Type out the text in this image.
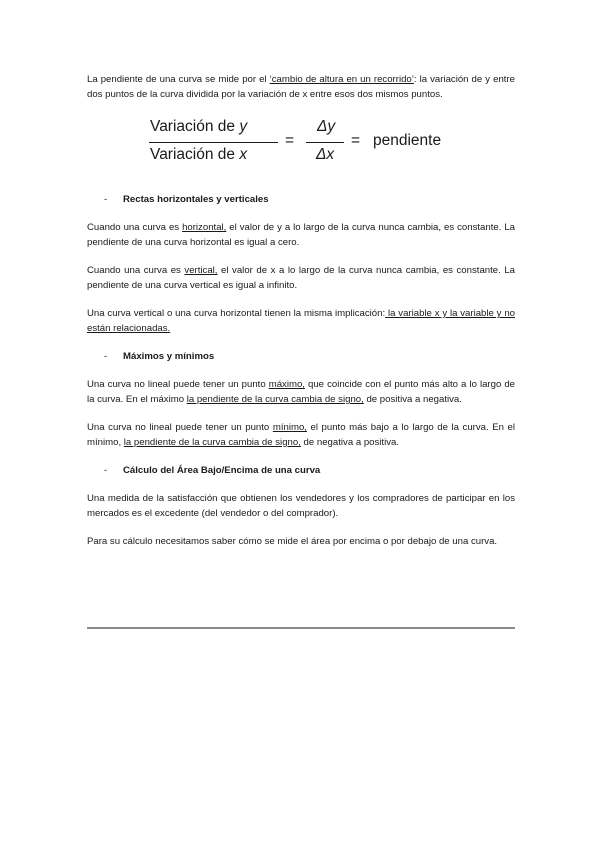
La pendiente de una curva se mide por el ‘cambio de altura en un recorrido’: la variación de y entre dos puntos de la curva dividida por la variación de x entre esos dos mismos puntos.

Variación de y
Variación de x
=
Δy
Δx
= pendiente
-	Rectas horizontales y verticales

Cuando una curva es horizontal, el valor de y a lo largo de la curva nunca cambia, es constante. La pendiente de una curva horizontal es igual a cero.

Cuando una curva es vertical, el valor de x a lo largo de la curva nunca cambia, es constante. La pendiente de una curva vertical es igual a infinito.

Una curva vertical o una curva horizontal tienen la misma implicación: la variable x y la variable y no están relacionadas.

-	Máximos y mínimos

Una curva no lineal puede tener un punto máximo, que coincide con el punto más alto a lo largo de la curva. En el máximo la pendiente de la curva cambia de signo, de positiva a negativa.

Una curva no lineal puede tener un punto mínimo, el punto más bajo a lo largo de la curva. En el mínimo, la pendiente de la curva cambia de signo, de negativa a positiva.

-	Cálculo del Área Bajo/Encima de una curva

Una medida de la satisfacción que obtienen los vendedores y los compradores de participar en los mercados es el excedente (del vendedor o del comprador).

Para su cálculo necesitamos saber cómo se mide el área por encima o por debajo de una curva.
